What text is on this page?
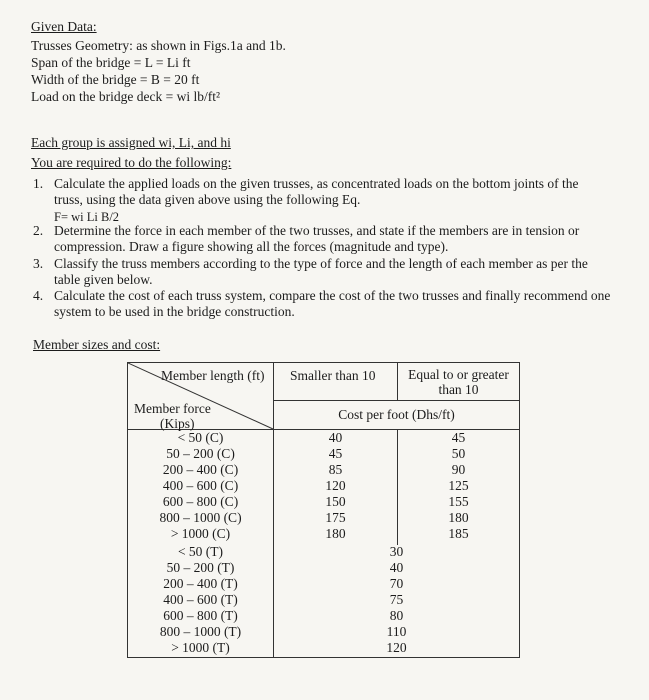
Given Data:
Trusses Geometry: as shown in Figs.1a and 1b.
Span of the bridge = L = Li ft
Width of the bridge = B = 20 ft
Load on the bridge deck = wi lb/ft²
Each group is assigned wi, Li, and hi
You are required to do the following:
1. Calculate the applied loads on the given trusses, as concentrated loads on the bottom joints of the truss, using the data given above using the following Eq.
F= wi Li B/2
2. Determine the force in each member of the two trusses, and state if the members are in tension or compression. Draw a figure showing all the forces (magnitude and type).
3. Classify the truss members according to the type of force and the length of each member as per the table given below.
4. Calculate the cost of each truss system, compare the cost of the two trusses and finally recommend one system to be used in the bridge construction.
Member sizes and cost:
Member length (ft)
Member force
(Kips)
Smaller than 10	Equal to or greater
than 10
Cost per foot (Dhs/ft)
< 50 (C)	40	45
50 – 200 (C)	45	50
200 – 400 (C)	85	90
400 – 600 (C)	120	125
600 – 800 (C)	150	155
800 – 1000 (C)	175	180
> 1000 (C)	180	185
< 50 (T)	30
50 – 200 (T)	40
200 – 400 (T)	70
400 – 600 (T)	75
600 – 800 (T)	80
800 – 1000 (T)	110
> 1000 (T)	120
